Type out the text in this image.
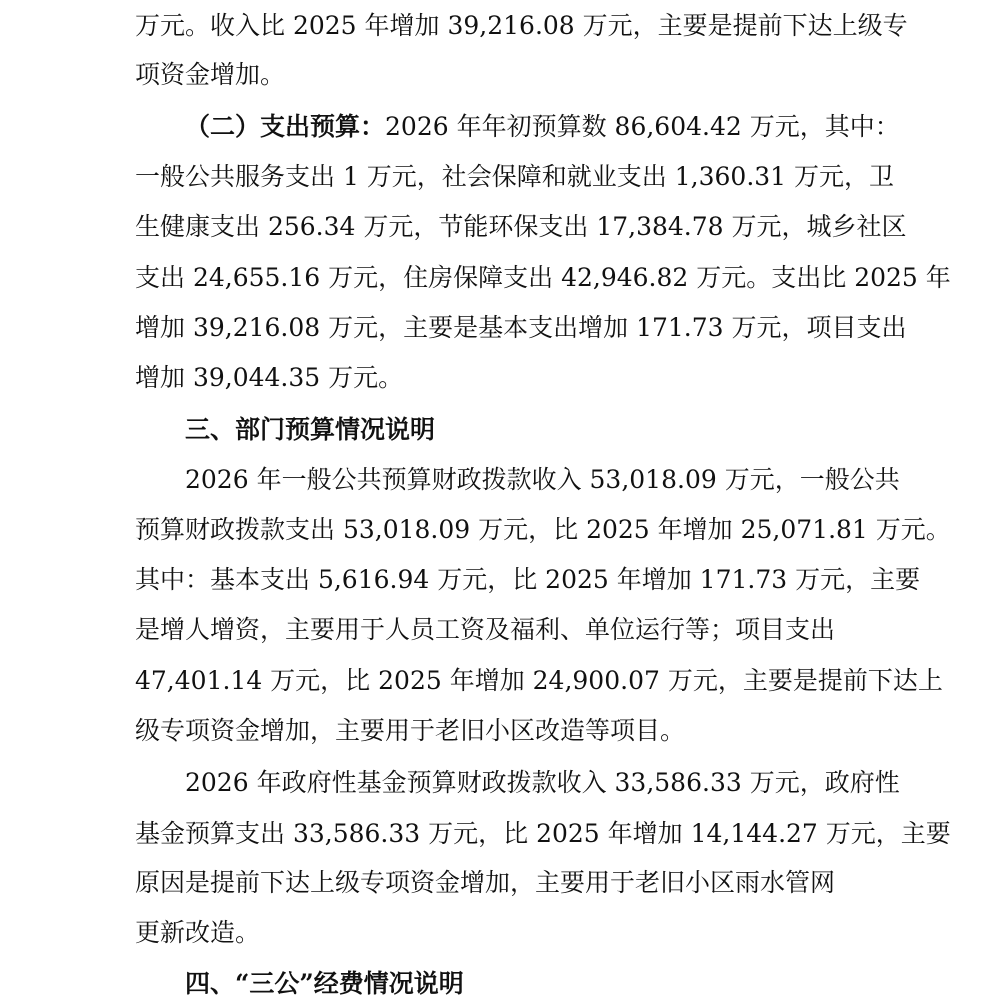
万元。收入比 2025 年增加 39,216.08 万元，主要是提前下达上级专
项资金增加。
（二）支出预算：2026 年年初预算数 86,604.42 万元，其中：
一般公共服务支出 1 万元，社会保障和就业支出 1,360.31 万元，卫
生健康支出 256.34 万元，节能环保支出 17,384.78 万元，城乡社区
支出 24,655.16 万元，住房保障支出 42,946.82 万元。支出比 2025 年
增加 39,216.08 万元，主要是基本支出增加 171.73 万元，项目支出
增加 39,044.35 万元。
三、部门预算情况说明
2026 年一般公共预算财政拨款收入 53,018.09 万元，一般公共
预算财政拨款支出 53,018.09 万元，比 2025 年增加 25,071.81 万元。
其中：基本支出 5,616.94 万元，比 2025 年增加 171.73 万元，主要
是增人增资，主要用于人员工资及福利、单位运行等；项目支出
47,401.14 万元，比 2025 年增加 24,900.07 万元，主要是提前下达上
级专项资金增加，主要用于老旧小区改造等项目。
2026 年政府性基金预算财政拨款收入 33,586.33 万元，政府性
基金预算支出 33,586.33 万元，比 2025 年增加 14,144.27 万元，主要
原因是提前下达上级专项资金增加，主要用于老旧小区雨水管网
更新改造。
四、“三公”经费情况说明
